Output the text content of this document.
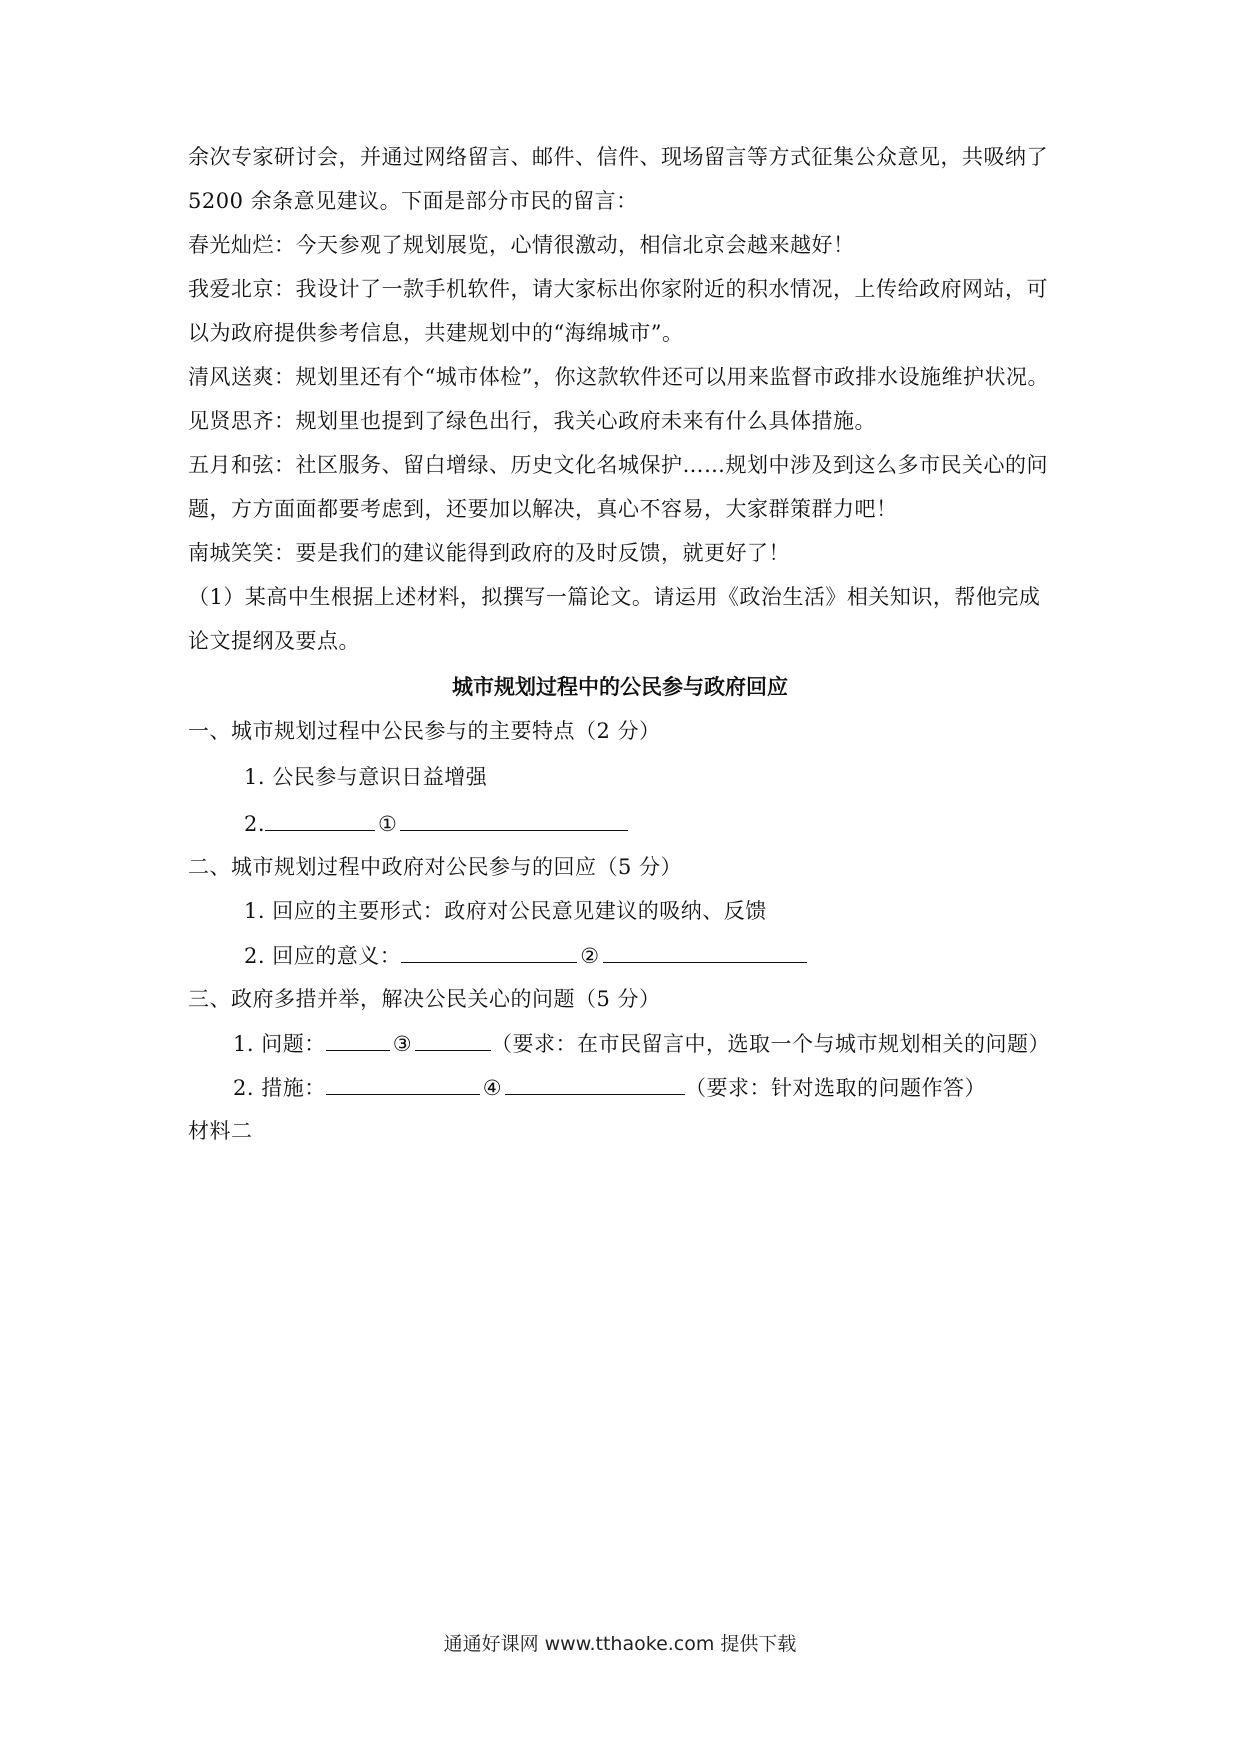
余次专家研讨会，并通过网络留言、邮件、信件、现场留言等方式征集公众意见，共吸纳了
5200 余条意见建议。下面是部分市民的留言：
春光灿烂：今天参观了规划展览，心情很激动，相信北京会越来越好！
我爱北京：我设计了一款手机软件，请大家标出你家附近的积水情况，上传给政府网站，可
以为政府提供参考信息，共建规划中的“海绵城市”。
清风送爽：规划里还有个“城市体检”，你这款软件还可以用来监督市政排水设施维护状况。
见贤思齐：规划里也提到了绿色出行，我关心政府未来有什么具体措施。
五月和弦：社区服务、留白增绿、历史文化名城保护……规划中涉及到这么多市民关心的问
题，方方面面都要考虑到，还要加以解决，真心不容易，大家群策群力吧！
南城笑笑：要是我们的建议能得到政府的及时反馈，就更好了！
（1）某高中生根据上述材料，拟撰写一篇论文。请运用《政治生活》相关知识，帮他完成
论文提纲及要点。
城市规划过程中的公民参与政府回应
一、城市规划过程中公民参与的主要特点（2 分）
1. 公民参与意识日益增强
2.	①
二、城市规划过程中政府对公民参与的回应（5 分）
1. 回应的主要形式：政府对公民意见建议的吸纳、反馈
2. 回应的意义：	②
三、政府多措并举，解决公民关心的问题（5 分）
1. 问题：	③	（要求：在市民留言中，选取一个与城市规划相关的问题）
2. 措施：	④	（要求：针对选取的问题作答）
材料二
通通好课网 www.tthaoke.com 提供下载
